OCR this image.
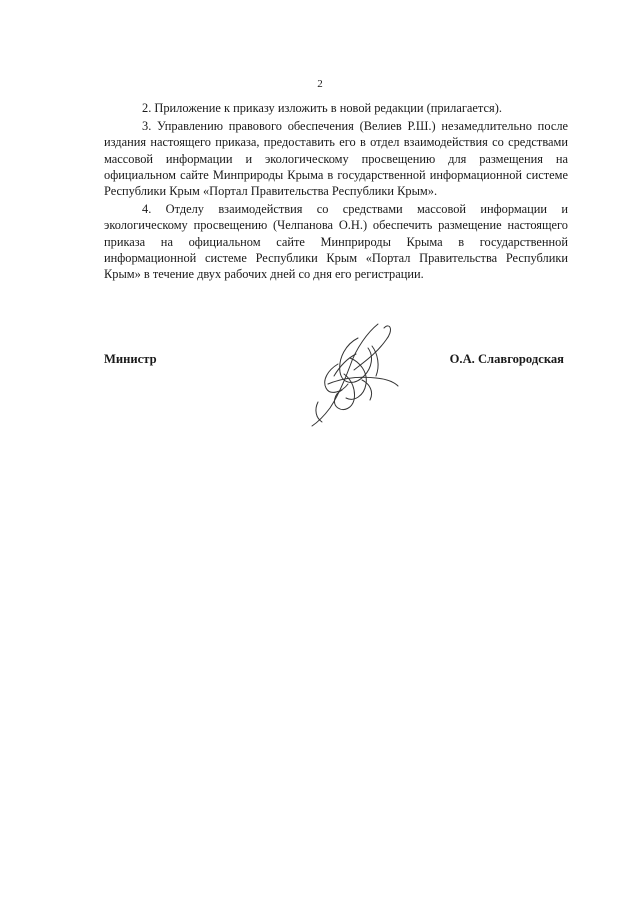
2

2. Приложение к приказу изложить в новой редакции (прилагается).

3. Управлению правового обеспечения (Велиев Р.Ш.) незамедлительно после издания настоящего приказа, предоставить его в отдел взаимодействия со средствами массовой информации и экологическому просвещению для размещения на официальном сайте Минприроды Крыма в государственной информационной системе Республики Крым «Портал Правительства Республики Крым».

4. Отделу взаимодействия со средствами массовой информации и экологическому просвещению (Челпанова О.Н.) обеспечить размещение настоящего приказа на официальном сайте Минприроды Крыма в государственной информационной системе Республики Крым «Портал Правительства Республики Крым» в течение двух рабочих дней со дня его регистрации.

Министр	О.А. Славгородская
